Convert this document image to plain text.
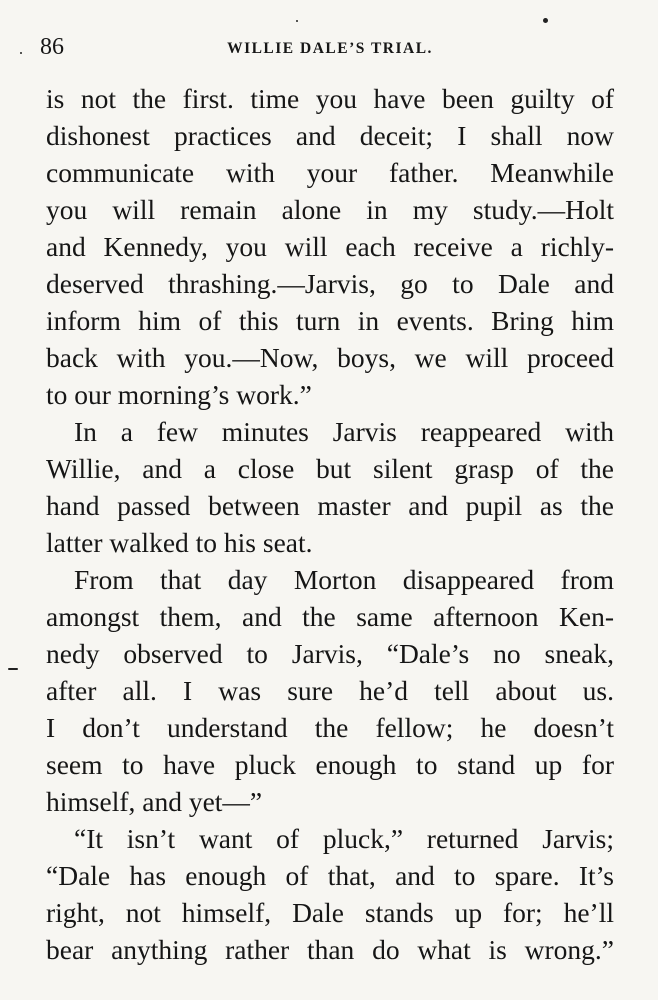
86	WILLIE DALE’S TRIAL.

is not the first. time you have been guilty of
dishonest practices and deceit; I shall now
communicate with your father. Meanwhile
you will remain alone in my study.—Holt
and Kennedy, you will each receive a richly-
deserved thrashing.—Jarvis, go to Dale and
inform him of this turn in events. Bring him
back with you.—Now, boys, we will proceed
to our morning’s work.”

In a few minutes Jarvis reappeared with
Willie, and a close but silent grasp of the
hand passed between master and pupil as the
latter walked to his seat.

From that day Morton disappeared from
amongst them, and the same afternoon Ken-
nedy observed to Jarvis, “Dale’s no sneak,
after all. I was sure he’d tell about us.
I don’t understand the fellow; he doesn’t
seem to have pluck enough to stand up for
himself, and yet—”

“It isn’t want of pluck,” returned Jarvis;
“Dale has enough of that, and to spare. It’s
right, not himself, Dale stands up for; he’ll
bear anything rather than do what is wrong.”
